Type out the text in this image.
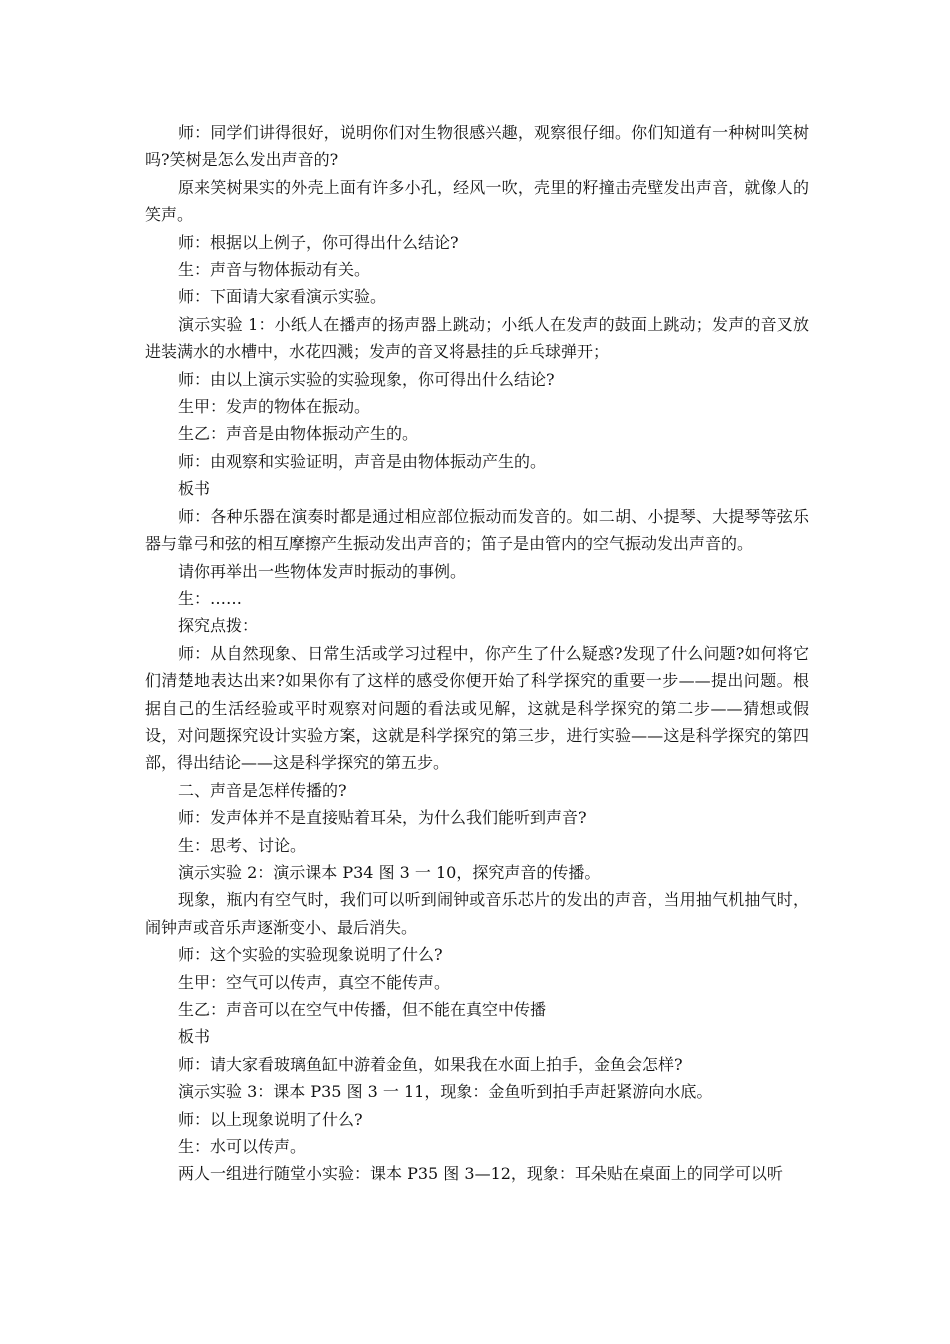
师：同学们讲得很好，说明你们对生物很感兴趣，观察很仔细。你们知道有一种树叫笑树吗?笑树是怎么发出声音的?

原来笑树果实的外壳上面有许多小孔，经风一吹，壳里的籽撞击壳壁发出声音，就像人的笑声。

师：根据以上例子，你可得出什么结论?

生：声音与物体振动有关。

师：下面请大家看演示实验。

演示实验 1：小纸人在播声的扬声器上跳动；小纸人在发声的鼓面上跳动；发声的音叉放进装满水的水槽中，水花四溅；发声的音叉将悬挂的乒乓球弹开；

师：由以上演示实验的实验现象，你可得出什么结论?

生甲：发声的物体在振动。

生乙：声音是由物体振动产生的。

师：由观察和实验证明，声音是由物体振动产生的。

板书

师：各种乐器在演奏时都是通过相应部位振动而发音的。如二胡、小提琴、大提琴等弦乐器与靠弓和弦的相互摩擦产生振动发出声音的；笛子是由管内的空气振动发出声音的。

请你再举出一些物体发声时振动的事例。

生：……

探究点拨：

师：从自然现象、日常生活或学习过程中，你产生了什么疑惑?发现了什么问题?如何将它们清楚地表达出来?如果你有了这样的感受你便开始了科学探究的重要一步——提出问题。根据自己的生活经验或平时观察对问题的看法或见解，这就是科学探究的第二步——猜想或假设，对问题探究设计实验方案，这就是科学探究的第三步，进行实验——这是科学探究的第四部，得出结论——这是科学探究的第五步。

二、声音是怎样传播的?

师：发声体并不是直接贴着耳朵，为什么我们能听到声音?

生：思考、讨论。

演示实验 2：演示课本 P34 图 3 一 10，探究声音的传播。

现象，瓶内有空气时，我们可以听到闹钟或音乐芯片的发出的声音，当用抽气机抽气时，闹钟声或音乐声逐渐变小、最后消失。

师：这个实验的实验现象说明了什么?

生甲：空气可以传声，真空不能传声。

生乙：声音可以在空气中传播，但不能在真空中传播

板书

师：请大家看玻璃鱼缸中游着金鱼，如果我在水面上拍手，金鱼会怎样?

演示实验 3：课本 P35 图 3 一 11，现象：金鱼听到拍手声赶紧游向水底。

师：以上现象说明了什么?

生：水可以传声。

两人一组进行随堂小实验：课本 P35 图 3—12，现象：耳朵贴在桌面上的同学可以听
